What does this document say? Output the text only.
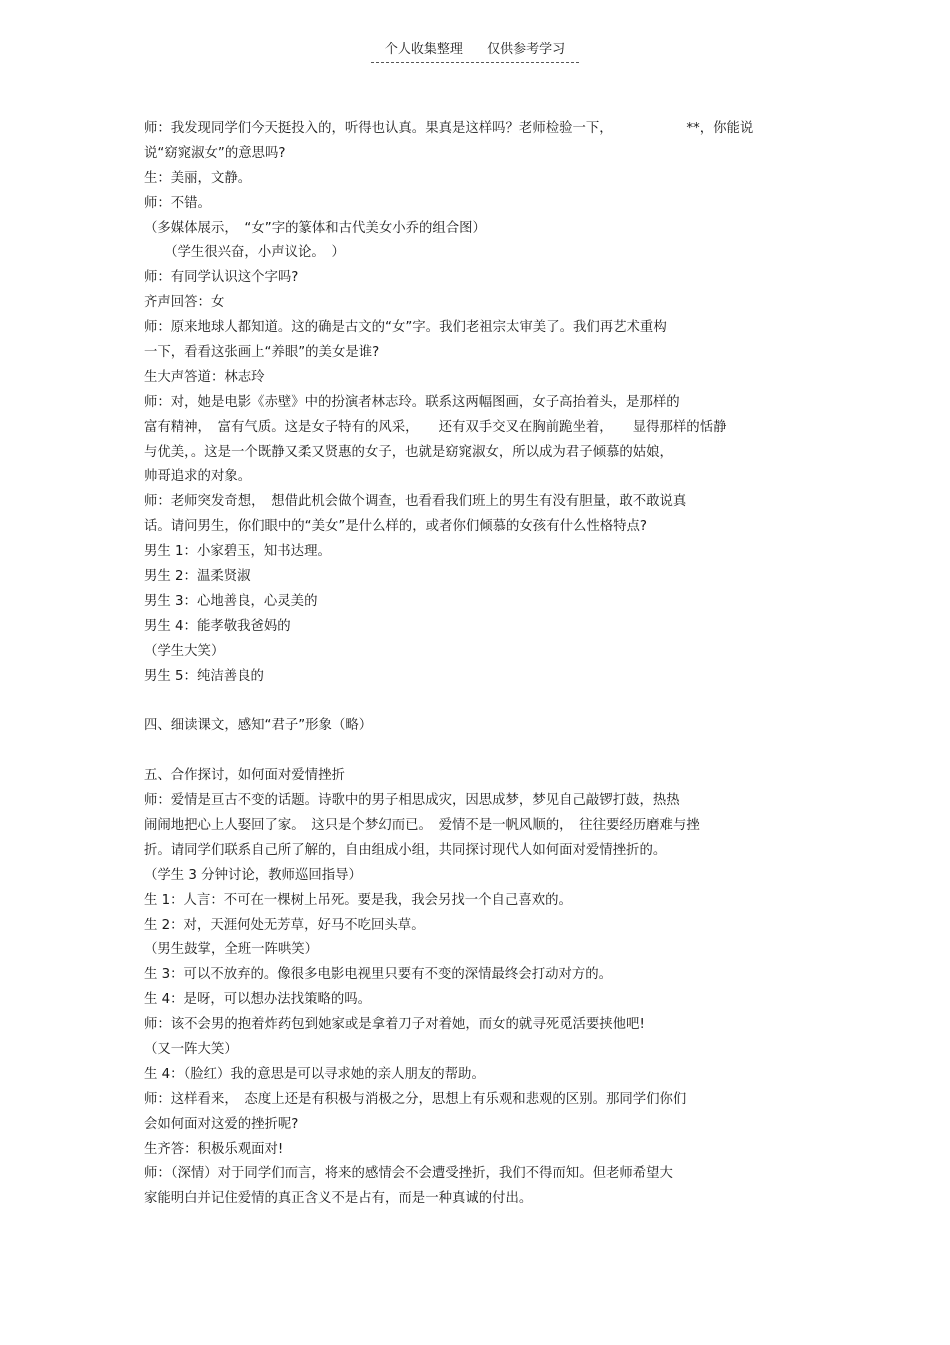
个人收集整理 仅供参考学习
师：我发现同学们今天挺投入的，听得也认真。果真是这样吗？老师检验一下，　　　　　　**，你能说
说“窈窕淑女”的意思吗?
生：美丽，文静。
师：不错。
（多媒体展示，　“女”字的篆体和古代美女小乔的组合图）
　　（学生很兴奋，小声议论。　）
师：有同学认识这个字吗?
齐声回答：女
师：原来地球人都知道。这的确是古文的“女”字。我们老祖宗太审美了。我们再艺术重构
一下，看看这张画上“养眼”的美女是谁?
生大声答道：林志玲
师：对，她是电影《赤壁》中的扮演者林志玲。联系这两幅图画，女子高抬着头，是那样的
富有精神，　富有气质。这是女子特有的风采，　　还有双手交叉在胸前跪坐着，　　显得那样的恬静
与优美，。这是一个既静又柔又贤惠的女子，也就是窈窕淑女，所以成为君子倾慕的姑娘，
帅哥追求的对象。
师：老师突发奇想，　想借此机会做个调查，也看看我们班上的男生有没有胆量，敢不敢说真
话。请问男生，你们眼中的“美女”是什么样的，或者你们倾慕的女孩有什么性格特点?
男生 1：小家碧玉，知书达理。
男生 2：温柔贤淑
男生 3：心地善良，心灵美的
男生 4：能孝敬我爸妈的
（学生大笑）
男生 5：纯洁善良的
四、细读课文，感知“君子”形象（略）
五、合作探讨，如何面对爱情挫折
师：爱情是亘古不变的话题。诗歌中的男子相思成灾，因思成梦，梦见自己敲锣打鼓，热热
闹闹地把心上人娶回了家。　这只是个梦幻而已。　爱情不是一帆风顺的，　往往要经历磨难与挫
折。请同学们联系自己所了解的，自由组成小组，共同探讨现代人如何面对爱情挫折的。
（学生 3 分钟讨论，教师巡回指导）
生 1：人言：不可在一棵树上吊死。要是我，我会另找一个自己喜欢的。
生 2：对，天涯何处无芳草，好马不吃回头草。
（男生鼓掌，全班一阵哄笑）
生 3：可以不放弃的。像很多电影电视里只要有不变的深情最终会打动对方的。
生 4：是呀，可以想办法找策略的吗。
师：该不会男的抱着炸药包到她家或是拿着刀子对着她，而女的就寻死觅活要挟他吧!
（又一阵大笑）
生 4：（脸红）我的意思是可以寻求她的亲人朋友的帮助。
师：这样看来，　态度上还是有积极与消极之分，思想上有乐观和悲观的区别。那同学们你们
会如何面对这爱的挫折呢?
生齐答：积极乐观面对!
师：（深情）对于同学们而言，将来的感情会不会遭受挫折，我们不得而知。但老师希望大
家能明白并记住爱情的真正含义不是占有，而是一种真诚的付出。
